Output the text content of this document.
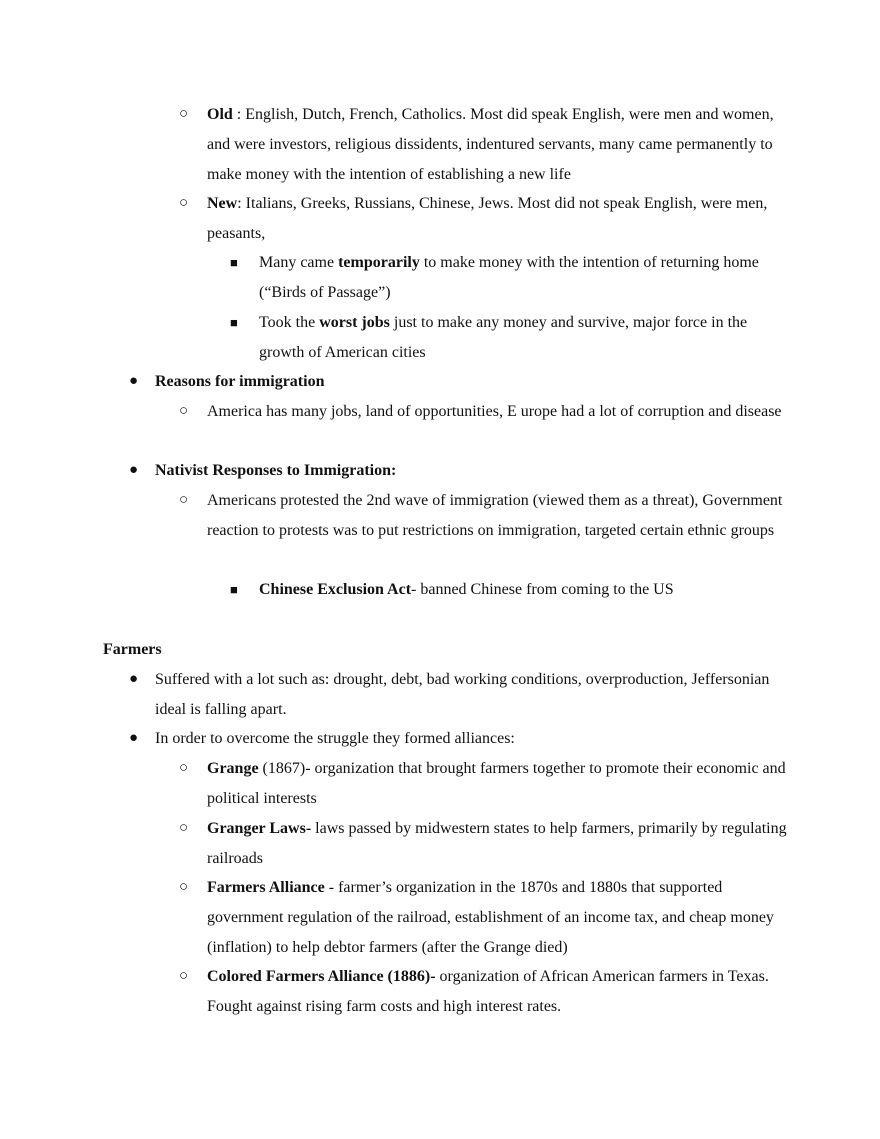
○ Old : English, Dutch, French, Catholics. Most did speak English, were men and women, and were investors, religious dissidents, indentured servants, many came permanently to make money with the intention of establishing a new life
○ New: Italians, Greeks, Russians, Chinese, Jews. Most did not speak English, were men, peasants,
■ Many came temporarily to make money with the intention of returning home (“Birds of Passage”)
■ Took the worst jobs just to make any money and survive, major force in the growth of American cities
● Reasons for immigration
○ America has many jobs, land of opportunities, E urope had a lot of corruption and disease
● Nativist Responses to Immigration:
○ Americans protested the 2nd wave of immigration (viewed them as a threat), Government reaction to protests was to put restrictions on immigration, targeted certain ethnic groups
■ Chinese Exclusion Act- banned Chinese from coming to the US
Farmers
● Suffered with a lot such as: drought, debt, bad working conditions, overproduction, Jeffersonian ideal is falling apart.
● In order to overcome the struggle they formed alliances:
○ Grange (1867)- organization that brought farmers together to promote their economic and political interests
○ Granger Laws- laws passed by midwestern states to help farmers, primarily by regulating railroads
○ Farmers Alliance - farmer’s organization in the 1870s and 1880s that supported government regulation of the railroad, establishment of an income tax, and cheap money (inflation) to help debtor farmers (after the Grange died)
○ Colored Farmers Alliance (1886)- organization of African American farmers in Texas. Fought against rising farm costs and high interest rates.
